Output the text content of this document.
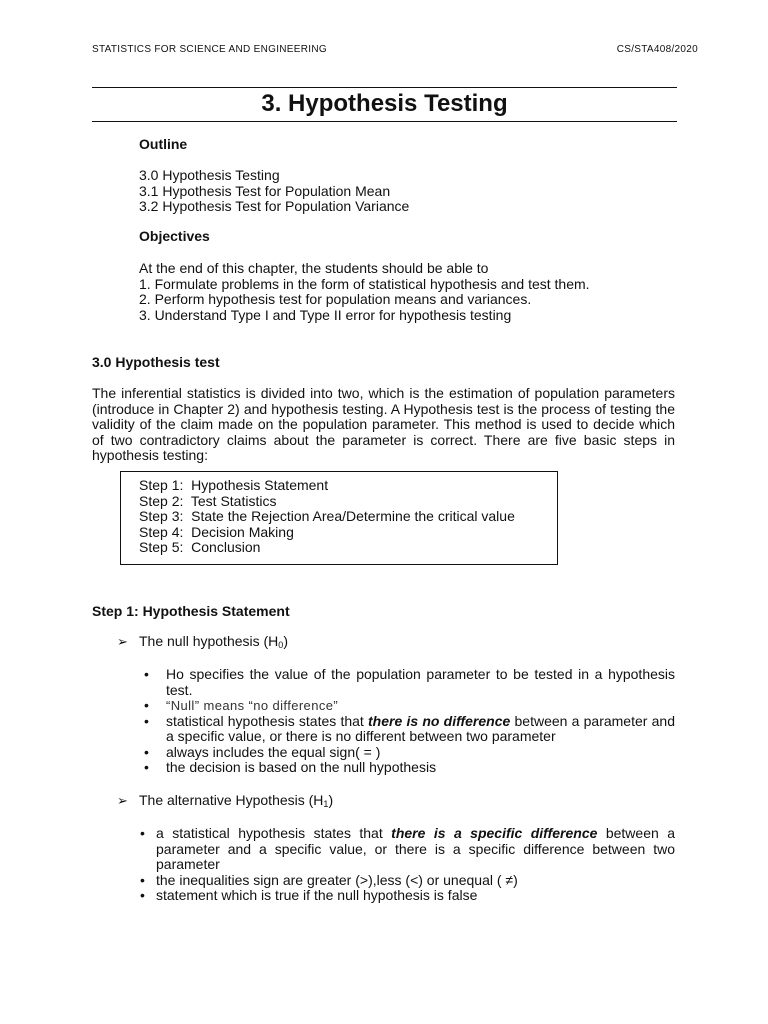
STATISTICS FOR SCIENCE AND ENGINEERING	CS/STA408/2020
3. Hypothesis Testing
Outline
3.0 Hypothesis Testing
3.1 Hypothesis Test for Population Mean
3.2 Hypothesis Test for Population Variance
Objectives
At the end of this chapter, the students should be able to
1. Formulate problems in the form of statistical hypothesis and test them.
2. Perform hypothesis test for population means and variances.
3. Understand Type I and Type II error for hypothesis testing
3.0 Hypothesis test
The inferential statistics is divided into two, which is the estimation of population parameters (introduce in Chapter 2) and hypothesis testing. A Hypothesis test is the process of testing the validity of the claim made on the population parameter. This method is used to decide which of two contradictory claims about the parameter is correct. There are five basic steps in hypothesis testing:
Step 1:  Hypothesis Statement
Step 2:  Test Statistics
Step 3:  State the Rejection Area/Determine the critical value
Step 4:  Decision Making
Step 5:  Conclusion
Step 1: Hypothesis Statement
➢ The null hypothesis $(H_0)$
• Ho specifies the value of the population parameter to be tested in a hypothesis test.
• “Null” means “no difference”
• statistical hypothesis states that there is no difference between a parameter and a specific value, or there is no different between two parameter
• always includes the equal sign( = )
• the decision is based on the null hypothesis
➢ The alternative Hypothesis $(H_1)$
• a statistical hypothesis states that there is a specific difference between a parameter and a specific value, or there is a specific difference between two parameter
• the inequalities sign are greater (>),less (<) or unequal ( ≠)
• statement which is true if the null hypothesis is false
